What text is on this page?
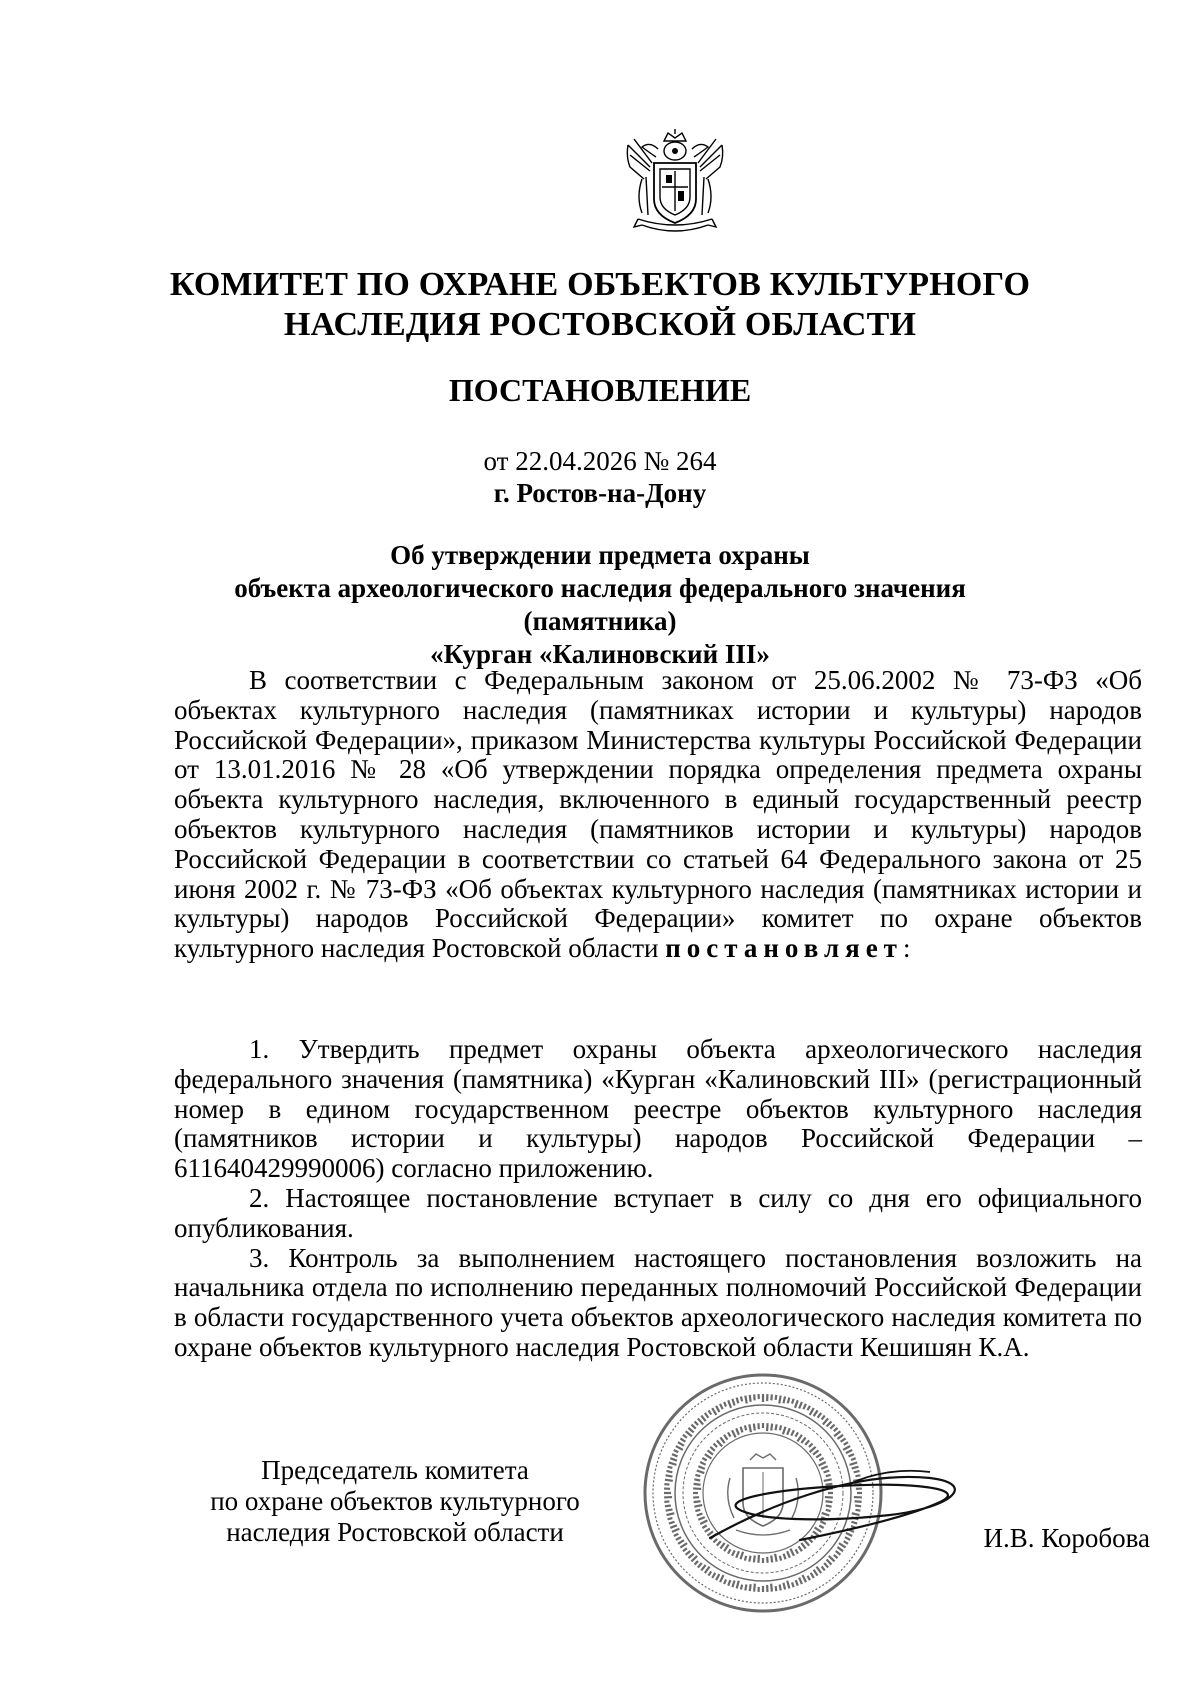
КОМИТЕТ ПО ОХРАНЕ ОБЪЕКТОВ КУЛЬТУРНОГО
НАСЛЕДИЯ РОСТОВСКОЙ ОБЛАСТИ
ПОСТАНОВЛЕНИЕ
от 22.04.2026 № 264
г. Ростов-на-Дону
Об утверждении предмета охраны
объекта археологического наследия федерального значения (памятника)
«Курган «Калиновский III»
В соответствии с Федеральным законом от 25.06.2002 № 73-ФЗ «Об объектах культурного наследия (памятниках истории и культуры) народов Российской Федерации», приказом Министерства культуры Российской Федерации от 13.01.2016 № 28 «Об утверждении порядка определения предмета охраны объекта культурного наследия, включенного в единый государственный реестр объектов культурного наследия (памятников истории и культуры) народов Российской Федерации в соответствии со статьей 64 Федерального закона от 25 июня 2002 г. № 73-ФЗ «Об объектах культурного наследия (памятниках истории и культуры) народов Российской Федерации» комитет по охране объектов культурного наследия Ростовской области постановляет:

1. Утвердить предмет охраны объекта археологического наследия федерального значения (памятника) «Курган «Калиновский III» (регистрационный номер в едином государственном реестре объектов культурного наследия (памятников истории и культуры) народов Российской Федерации – 611640429990006) согласно приложению.

2. Настоящее постановление вступает в силу со дня его официального опубликования.

3. Контроль за выполнением настоящего постановления возложить на начальника отдела по исполнению переданных полномочий Российской Федерации в области государственного учета объектов археологического наследия комитета по охране объектов культурного наследия Ростовской области Кешишян К.А.

Председатель комитета
по охране объектов культурного
наследия Ростовской области	И.В. Коробова
